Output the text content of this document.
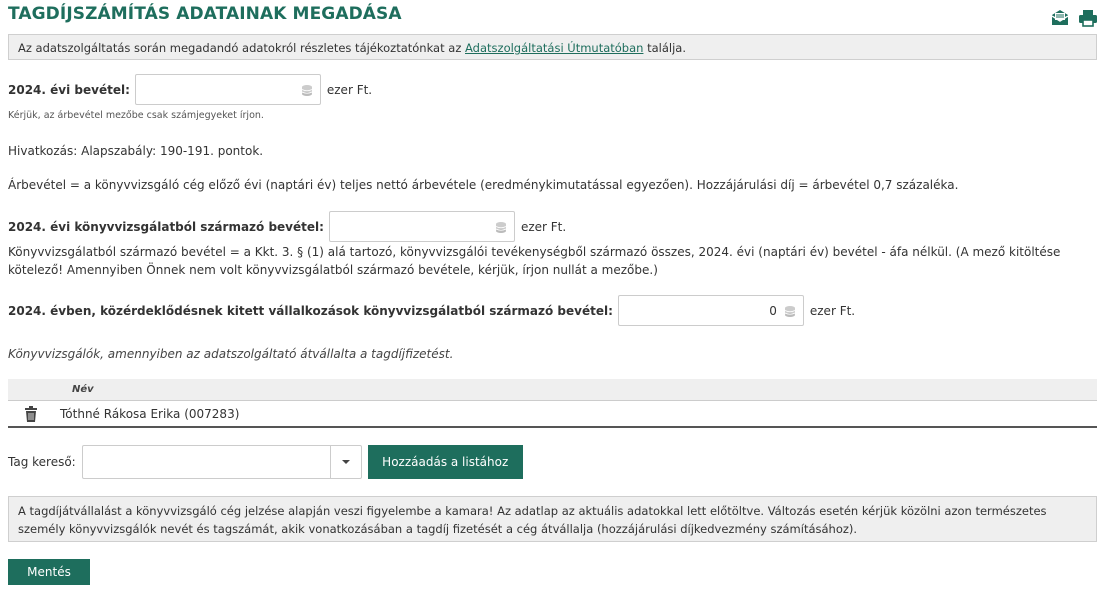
TAGDÍJSZÁMÍTÁS ADATAINAK MEGADÁSA
Az adatszolgáltatás során megadandó adatokról részletes tájékoztatónkat az Adatszolgáltatási Útmutatóban találja.
2024. évi bevétel:	ezer Ft.
Kérjük, az árbevétel mezőbe csak számjegyeket írjon.
Hivatkozás: Alapszabály: 190-191. pontok.
Árbevétel = a könyvvizsgáló cég előző évi (naptári év) teljes nettó árbevétele (eredménykimutatással egyezően). Hozzájárulási díj = árbevétel 0,7 százaléka.
2024. évi könyvvizsgálatból származó bevétel:	ezer Ft.
Könyvvizsgálatból származó bevétel = a Kkt. 3. § (1) alá tartozó, könyvvizsgálói tevékenységből származó összes, 2024. évi (naptári év) bevétel - áfa nélkül. (A mező kitöltése kötelező! Amennyiben Önnek nem volt könyvvizsgálatból származó bevétele, kérjük, írjon nullát a mezőbe.)
2024. évben, közérdeklődésnek kitett vállalkozások könyvvizsgálatból származó bevétel:	0	ezer Ft.
Könyvvizsgálók, amennyiben az adatszolgáltató átvállalta a tagdíjfizetést.
Név
Tóthné Rákosa Erika (007283)
Tag kereső:	Hozzáadás a listához
A tagdíjátvállalást a könyvvizsgáló cég jelzése alapján veszi figyelembe a kamara! Az adatlap az aktuális adatokkal lett előtöltve. Változás esetén kérjük közölni azon természetes személy könyvvizsgálók nevét és tagszámát, akik vonatkozásában a tagdíj fizetését a cég átvállalja (hozzájárulási díjkedvezmény számításához).
Mentés
